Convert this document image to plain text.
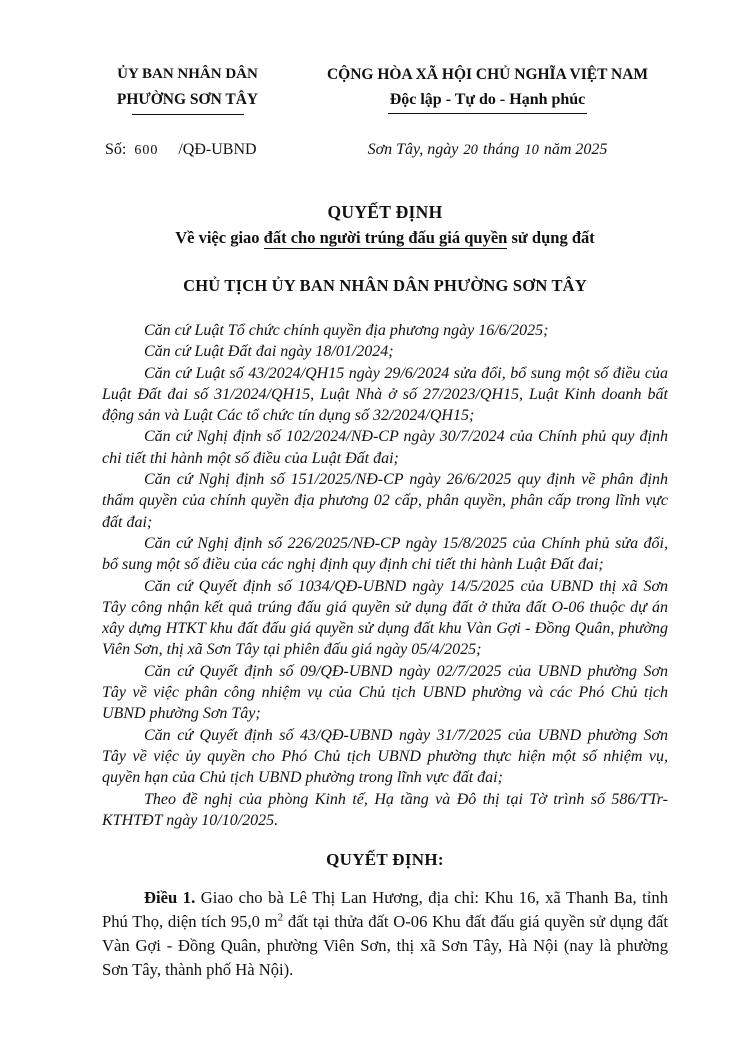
ỦY BAN NHÂN DÂN
PHƯỜNG SƠN TÂY
CỘNG HÒA XÃ HỘI CHỦ NGHĨA VIỆT NAM
Độc lập - Tự do - Hạnh phúc
Số: 600 /QĐ-UBND	Sơn Tây, ngày 20 tháng 10 năm 2025
QUYẾT ĐỊNH
Về việc giao đất cho người trúng đấu giá quyền sử dụng đất
CHỦ TỊCH ỦY BAN NHÂN DÂN PHƯỜNG SƠN TÂY

Căn cứ Luật Tổ chức chính quyền địa phương ngày 16/6/2025;

Căn cứ Luật Đất đai ngày 18/01/2024;

Căn cứ Luật số 43/2024/QH15 ngày 29/6/2024 sửa đổi, bổ sung một số điều của Luật Đất đai số 31/2024/QH15, Luật Nhà ở số 27/2023/QH15, Luật Kinh doanh bất động sản và Luật Các tổ chức tín dụng số 32/2024/QH15;

Căn cứ Nghị định số 102/2024/NĐ-CP ngày 30/7/2024 của Chính phủ quy định chi tiết thi hành một số điều của Luật Đất đai;

Căn cứ Nghị định số 151/2025/NĐ-CP ngày 26/6/2025 quy định về phân định thẩm quyền của chính quyền địa phương 02 cấp, phân quyền, phân cấp trong lĩnh vực đất đai;

Căn cứ Nghị định số 226/2025/NĐ-CP ngày 15/8/2025 của Chính phủ sửa đổi, bổ sung một số điều của các nghị định quy định chi tiết thi hành Luật Đất đai;

Căn cứ Quyết định số 1034/QĐ-UBND ngày 14/5/2025 của UBND thị xã Sơn Tây công nhận kết quả trúng đấu giá quyền sử dụng đất ở thửa đất O-06 thuộc dự án xây dựng HTKT khu đất đấu giá quyền sử dụng đất khu Vàn Gợi - Đồng Quân, phường Viên Sơn, thị xã Sơn Tây tại phiên đấu giá ngày 05/4/2025;

Căn cứ Quyết định số 09/QĐ-UBND ngày 02/7/2025 của UBND phường Sơn Tây về việc phân công nhiệm vụ của Chủ tịch UBND phường và các Phó Chủ tịch UBND phường Sơn Tây;

Căn cứ Quyết định số 43/QĐ-UBND ngày 31/7/2025 của UBND phường Sơn Tây về việc ủy quyền cho Phó Chủ tịch UBND phường thực hiện một số nhiệm vụ, quyền hạn của Chủ tịch UBND phường trong lĩnh vực đất đai;

Theo đề nghị của phòng Kinh tế, Hạ tầng và Đô thị tại Tờ trình số 586/TTr-KTHTĐT ngày 10/10/2025.

QUYẾT ĐỊNH:

Điều 1. Giao cho bà Lê Thị Lan Hương, địa chỉ: Khu 16, xã Thanh Ba, tỉnh Phú Thọ, diện tích 95,0 $m^2$ đất tại thửa đất O-06 Khu đất đấu giá quyền sử dụng đất Vàn Gợi - Đồng Quân, phường Viên Sơn, thị xã Sơn Tây, Hà Nội (nay là phường Sơn Tây, thành phố Hà Nội).
